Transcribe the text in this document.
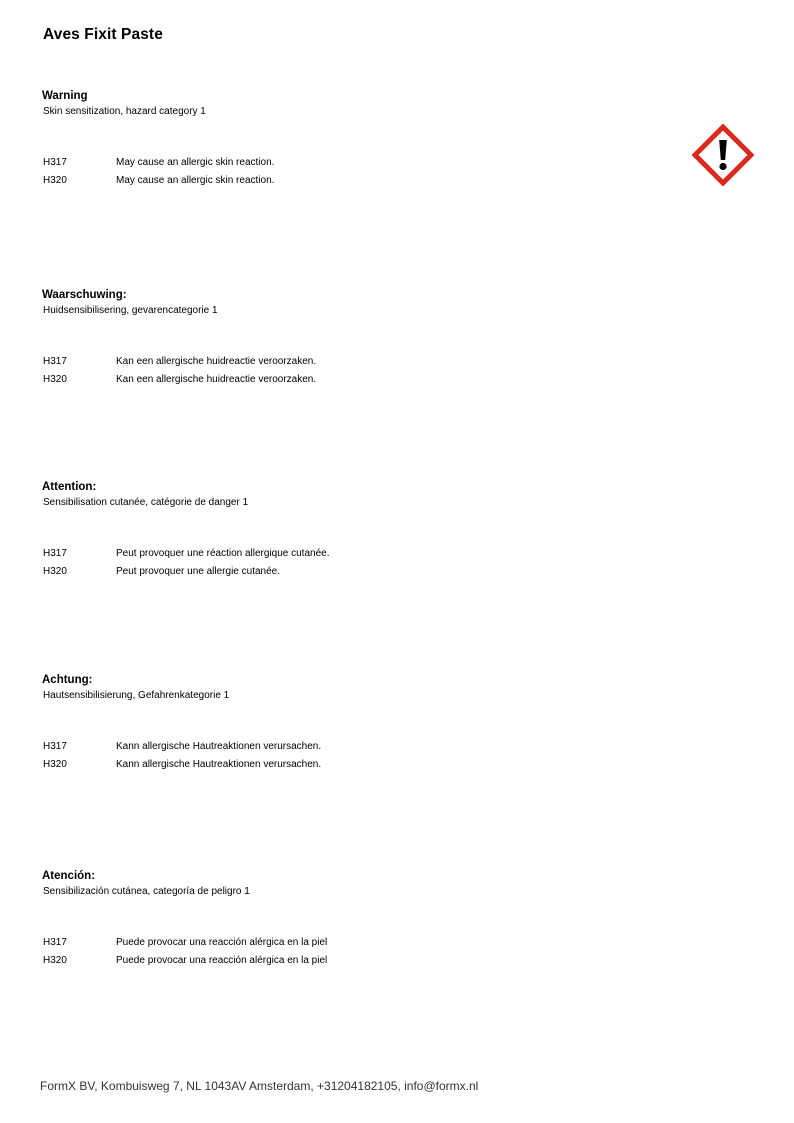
Aves Fixit Paste
Warning
Skin sensitization, hazard category 1
H317	May cause an allergic skin reaction.
H320	May cause an allergic skin reaction.
Waarschuwing:
Huidsensibilisering, gevarencategorie 1
H317	Kan een allergische huidreactie veroorzaken.
H320	Kan een allergische huidreactie veroorzaken.
Attention:
Sensibilisation cutanée, catégorie de danger 1
H317	Peut provoquer une réaction allergique cutanée.
H320	Peut provoquer une allergie cutanée.
Achtung:
Hautsensibilisierung, Gefahrenkategorie 1
H317	Kann allergische Hautreaktionen verursachen.
H320	Kann allergische Hautreaktionen verursachen.
Atención:
Sensibilización cutánea, categoría de peligro 1
H317	Puede provocar una reacción alérgica en la piel
H320	Puede provocar una reacción alérgica en la piel
FormX BV, Kombuisweg 7, NL 1043AV Amsterdam, +31204182105, info@formx.nl
